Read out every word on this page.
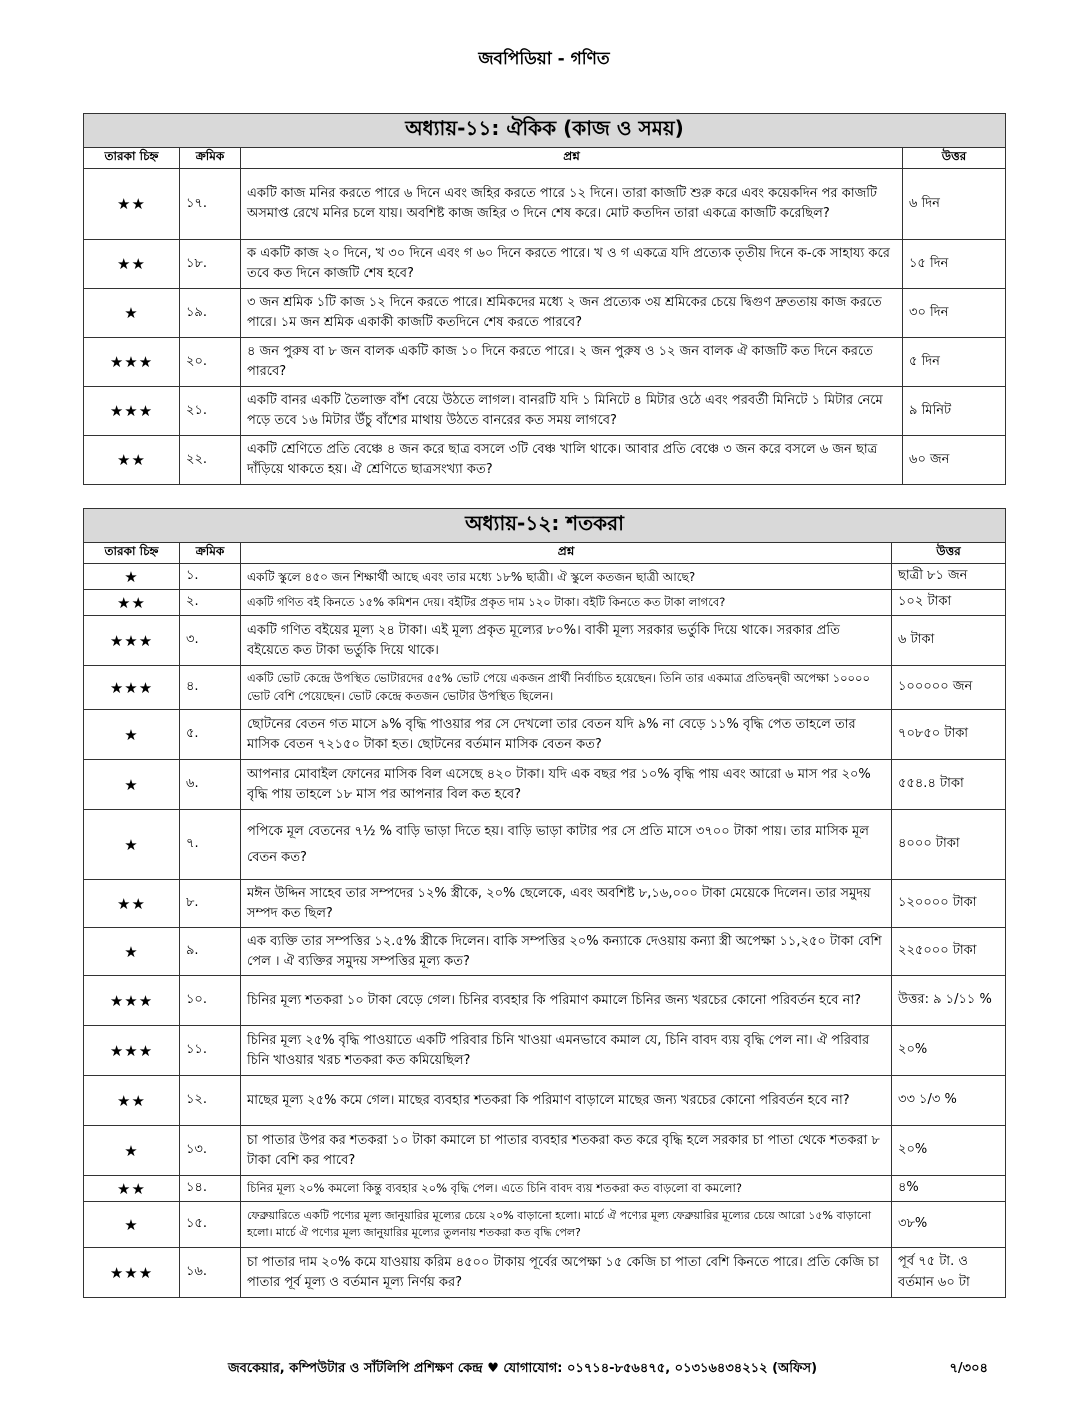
জবপিডিয়া - গণিত
অধ্যায়-১১: ঐকিক (কাজ ও সময়)			
তারকা চিহ্ন	ক্রমিক	প্রশ্ন	উত্তর
★★	১৭.	একটি কাজ মনির করতে পারে ৬ দিনে এবং জহির করতে পারে ১২ দিনে। তারা কাজটি শুরু করে এবং কয়েকদিন পর কাজটি অসমাপ্ত রেখে মনির চলে যায়। অবশিষ্ট কাজ জহির ৩ দিনে শেষ করে। মোট কতদিন তারা একত্রে কাজটি করেছিল?	৬ দিন
★★	১৮.	ক একটি কাজ ২০ দিনে, খ ৩০ দিনে এবং গ ৬০ দিনে করতে পারে। খ ও গ একত্রে যদি প্রত্যেক তৃতীয় দিনে ক-কে সাহায্য করে তবে কত দিনে কাজটি শেষ হবে?	১৫ দিন
★	১৯.	৩ জন শ্রমিক ১টি কাজ ১২ দিনে করতে পারে। শ্রমিকদের মধ্যে ২ জন প্রত্যেক ৩য় শ্রমিকের চেয়ে দ্বিগুণ দ্রুততায় কাজ করতে পারে। ১ম জন শ্রমিক একাকী কাজটি কতদিনে শেষ করতে পারবে?	৩০ দিন
★★★	২০.	৪ জন পুরুষ বা ৮ জন বালক একটি কাজ ১০ দিনে করতে পারে। ২ জন পুরুষ ও ১২ জন বালক ঐ কাজটি কত দিনে করতে পারবে?	৫ দিন
★★★	২১.	একটি বানর একটি তৈলাক্ত বাঁশ বেয়ে উঠতে লাগল। বানরটি যদি ১ মিনিটে ৪ মিটার ওঠে এবং পরবর্তী মিনিটে ১ মিটার নেমে পড়ে তবে ১৬ মিটার উঁচু বাঁশের মাথায় উঠতে বানরের কত সময় লাগবে?	৯ মিনিট
★★	২২.	একটি শ্রেণিতে প্রতি বেঞ্চে ৪ জন করে ছাত্র বসলে ৩টি বেঞ্চ খালি থাকে। আবার প্রতি বেঞ্চে ৩ জন করে বসলে ৬ জন ছাত্র দাঁড়িয়ে থাকতে হয়। ঐ শ্রেণিতে ছাত্রসংখ্যা কত?	৬০ জন
অধ্যায়-১২: শতকরা			
তারকা চিহ্ন	ক্রমিক	প্রশ্ন	উত্তর
★	১.	একটি স্কুলে ৪৫০ জন শিক্ষার্থী আছে এবং তার মধ্যে ১৮% ছাত্রী। ঐ স্কুলে কতজন ছাত্রী আছে?	ছাত্রী ৮১ জন
★★	২.	একটি গণিত বই কিনতে ১৫% কমিশন দেয়। বইটির প্রকৃত দাম ১২০ টাকা। বইটি কিনতে কত টাকা লাগবে?	১০২ টাকা
★★★	৩.	একটি গণিত বইয়ের মূল্য ২৪ টাকা। এই মূল্য প্রকৃত মূল্যের ৮০%। বাকী মূল্য সরকার ভর্তুকি দিয়ে থাকে। সরকার প্রতি বইয়েতে কত টাকা ভর্তুকি দিয়ে থাকে।	৬ টাকা
★★★	৪.	একটি ভোট কেন্দ্রে উপস্থিত ভোটারদের ৫৫% ভোট পেয়ে একজন প্রার্থী নির্বাচিত হয়েছেন। তিনি তার একমাত্র প্রতিদ্বন্দ্বী অপেক্ষা ১০০০০ ভোট বেশি পেয়েছেন। ভোট কেন্দ্রে কতজন ভোটার উপস্থিত ছিলেন।	১০০০০০ জন
★	৫.	ছোটনের বেতন গত মাসে ৯% বৃদ্ধি পাওয়ার পর সে দেখলো তার বেতন যদি ৯% না বেড়ে ১১% বৃদ্ধি পেত তাহলে তার মাসিক বেতন ৭২১৫০ টাকা হত। ছোটনের বর্তমান মাসিক বেতন কত?	৭০৮৫০ টাকা
★	৬.	আপনার মোবাইল ফোনের মাসিক বিল এসেছে ৪২০ টাকা। যদি এক বছর পর ১০% বৃদ্ধি পায় এবং আরো ৬ মাস পর ২০% বৃদ্ধি পায় তাহলে ১৮ মাস পর আপনার বিল কত হবে?	৫৫৪.৪ টাকা
★	৭.	পপিকে মূল বেতনের ৭½ % বাড়ি ভাড়া দিতে হয়। বাড়ি ভাড়া কাটার পর সে প্রতি মাসে ৩৭০০ টাকা পায়। তার মাসিক মূল বেতন কত?	৪০০০ টাকা
★★	৮.	মঈন উদ্দিন সাহেব তার সম্পদের ১২% স্ত্রীকে, ২০% ছেলেকে, এবং অবশিষ্ট ৮,১৬,০০০ টাকা মেয়েকে দিলেন। তার সমুদয় সম্পদ কত ছিল?	১২০০০০ টাকা
★	৯.	এক ব্যক্তি তার সম্পত্তির ১২.৫% স্ত্রীকে দিলেন। বাকি সম্পত্তির ২০% কন্যাকে দেওয়ায় কন্যা স্ত্রী অপেক্ষা ১১,২৫০ টাকা বেশি পেল । ঐ ব্যক্তির সমুদয় সম্পত্তির মূল্য কত?	২২৫০০০ টাকা
★★★	১০.	চিনির মূল্য শতকরা ১০ টাকা বেড়ে গেল। চিনির ব্যবহার কি পরিমাণ কমালে চিনির জন্য খরচের কোনো পরিবর্তন হবে না?	উত্তর: ৯ ১/১১ %
★★★	১১.	চিনির মূল্য ২৫% বৃদ্ধি পাওয়াতে একটি পরিবার চিনি খাওয়া এমনভাবে কমাল যে, চিনি বাবদ ব্যয় বৃদ্ধি পেল না। ঐ পরিবার চিনি খাওয়ার খরচ শতকরা কত কমিয়েছিল?	২০%
★★	১২.	মাছের মূল্য ২৫% কমে গেল। মাছের ব্যবহার শতকরা কি পরিমাণ বাড়ালে মাছের জন্য খরচের কোনো পরিবর্তন হবে না?	৩৩ ১/৩ %
★	১৩.	চা পাতার উপর কর শতকরা ১০ টাকা কমালে চা পাতার ব্যবহার শতকরা কত করে বৃদ্ধি হলে সরকার চা পাতা থেকে শতকরা ৮ টাকা বেশি কর পাবে?	২০%
★★	১৪.	চিনির মূল্য ২০% কমলো কিন্তু ব্যবহার ২০% বৃদ্ধি পেল। এতে চিনি বাবদ ব্যয় শতকরা কত বাড়লো বা কমলো?	৪%
★	১৫.	ফেব্রুয়ারিতে একটি পণ্যের মূল্য জানুয়ারির মূল্যের চেয়ে ২০% বাড়ানো হলো। মার্চে ঐ পণ্যের মূল্য ফেব্রুয়ারির মূল্যের চেয়ে আরো ১৫% বাড়ানো হলো। মার্চে ঐ পণ্যের মূল্য জানুয়ারির মূল্যের তুলনায় শতকরা কত বৃদ্ধি পেল?	৩৮%
★★★	১৬.	চা পাতার দাম ২০% কমে যাওয়ায় করিম ৪৫০০ টাকায় পূর্বের অপেক্ষা ১৫ কেজি চা পাতা বেশি কিনতে পারে। প্রতি কেজি চা পাতার পূর্ব মূল্য ও বর্তমান মূল্য নির্ণয় কর?	পূর্ব ৭৫ টা. ও বর্তমান ৬০ টা
জবকেয়ার, কম্পিউটার ও সাঁটলিপি প্রশিক্ষণ কেন্দ্র ♥ যোগাযোগ: ০১৭১৪-৮৫৬৪৭৫, ০১৩১৬৪৩৪২১২ (অফিস)	৭/৩০৪
